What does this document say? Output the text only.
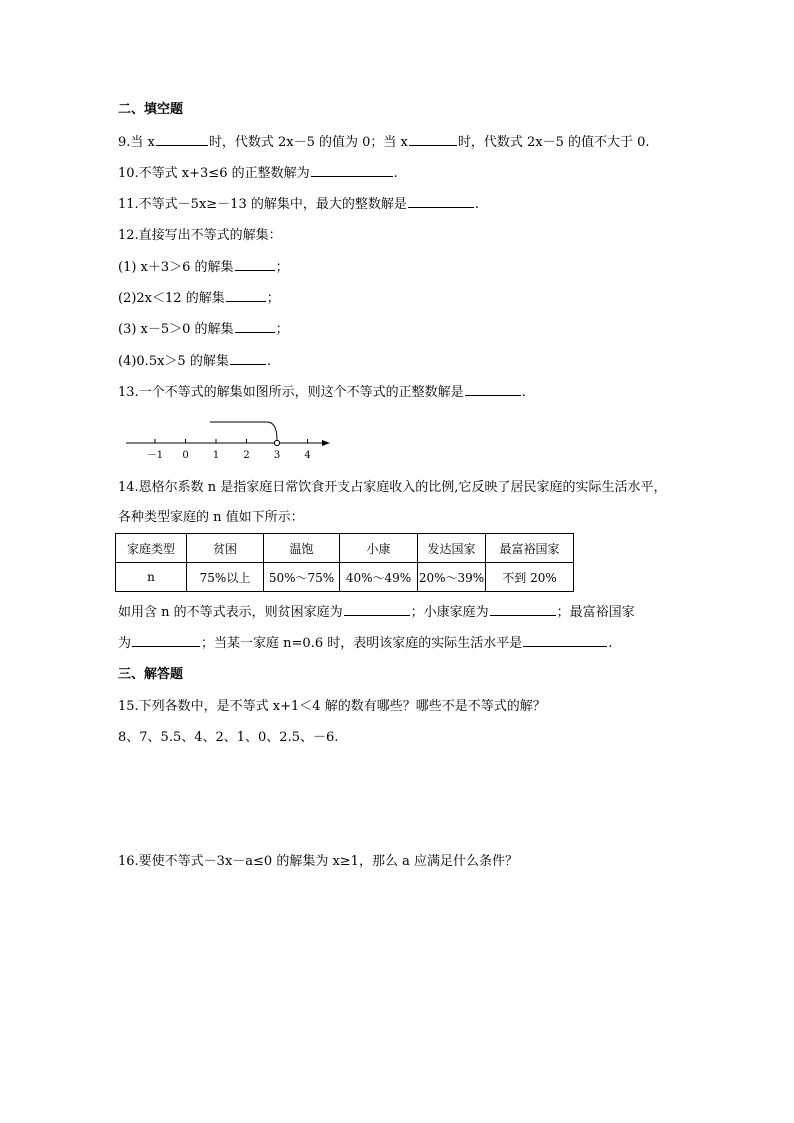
二、填空题
9.当 x	时，代数式 2x－5 的值为 0；当 x	时，代数式 2x－5 的值不大于 0.
10.不等式 x+3≤6 的正整数解为	.
11.不等式－5x≥－13 的解集中，最大的整数解是	.
12.直接写出不等式的解集：
(1) x＋3＞6 的解集	；
(2)2x＜12 的解集	；
(3) x－5＞0 的解集	；
(4)0.5x＞5 的解集	.
13.一个不等式的解集如图所示，则这个不等式的正整数解是	.
－1 0 1 2 3 4
14.恩格尔系数 n 是指家庭日常饮食开支占家庭收入的比例,它反映了居民家庭的实际生活水平，
各种类型家庭的 n 值如下所示：
家庭类型	贫困	温饱	小康	发达国家	最富裕国家
n	75%以上	50%～75%	40%～49%	20%～39%	不到 20%
如用含 n 的不等式表示，则贫困家庭为	；小康家庭为	；最富裕国家
为	；当某一家庭 n=0.6 时，表明该家庭的实际生活水平是	.
三、解答题
15.下列各数中，是不等式 x+1＜4 解的数有哪些？哪些不是不等式的解？
8、7、5.5、4、2、1、0、2.5、－6.
16.要使不等式－3x－a≤0 的解集为 x≥1，那么 a 应满足什么条件？
